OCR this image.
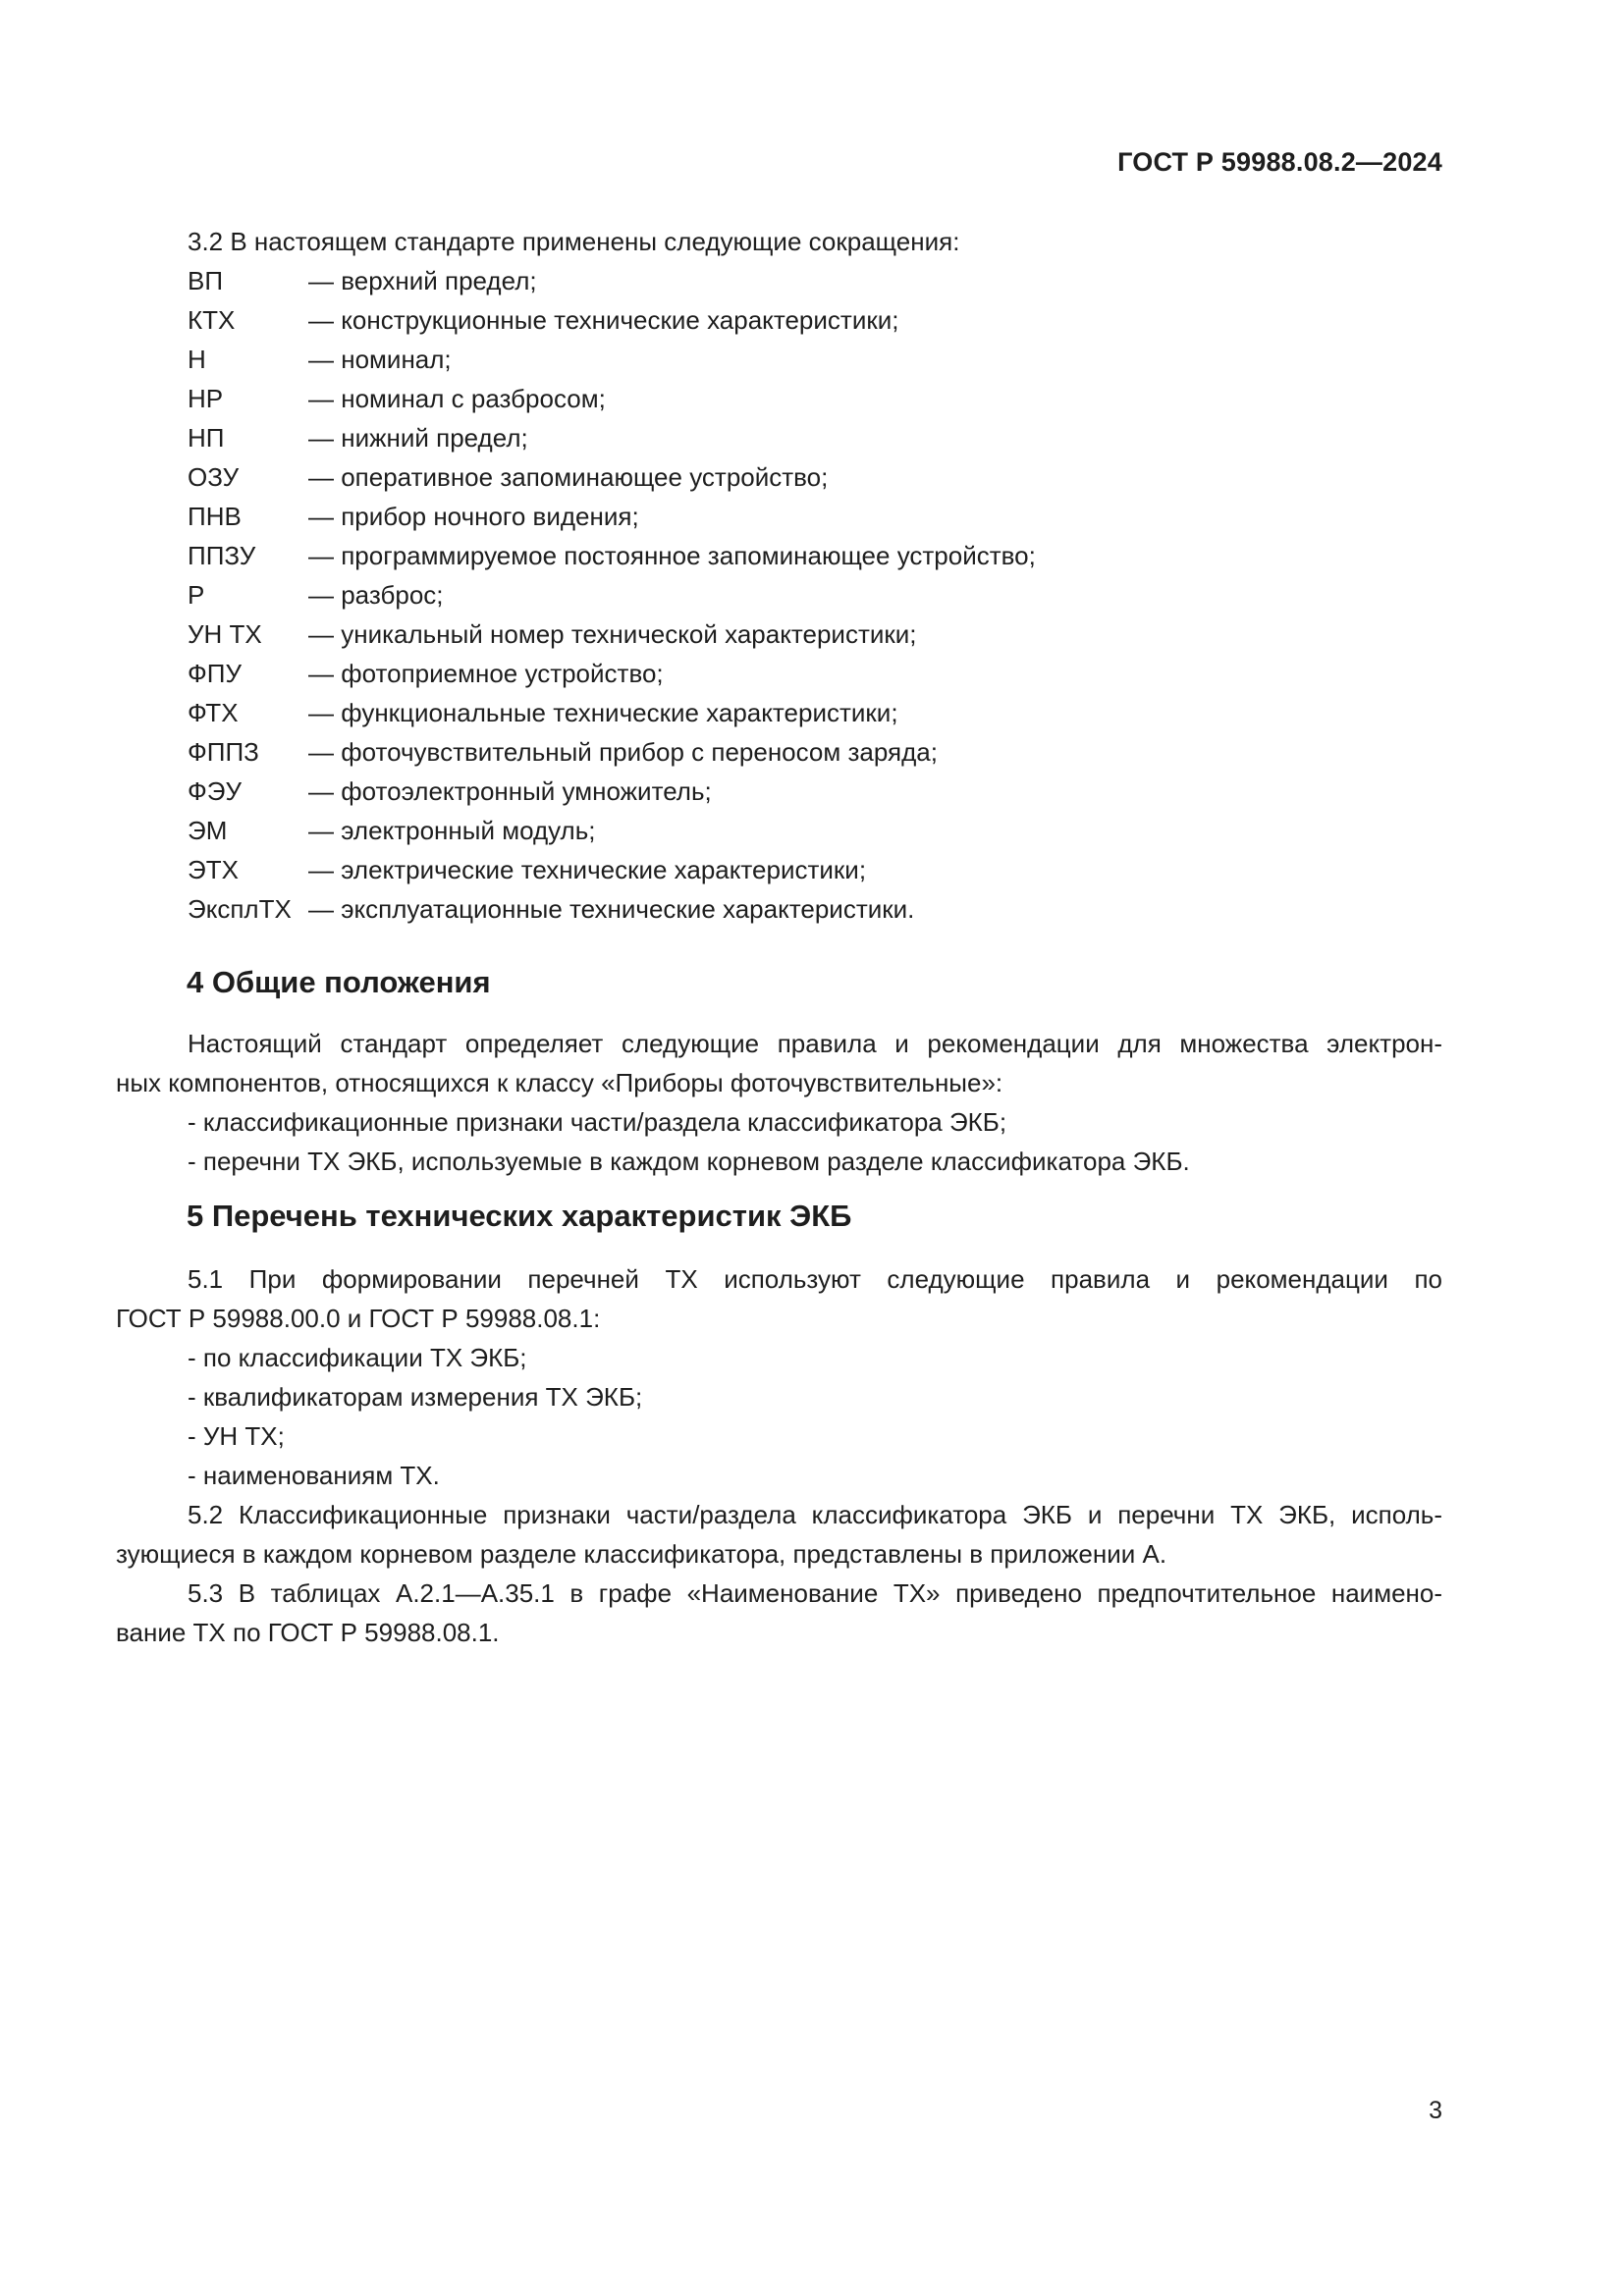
ГОСТ Р 59988.08.2—2024
3.2 В настоящем стандарте применены следующие сокращения:
ВП	— верхний предел;
КТХ	— конструкционные технические характеристики;
Н	— номинал;
НР	— номинал с разбросом;
НП	— нижний предел;
ОЗУ	— оперативное запоминающее устройство;
ПНВ	— прибор ночного видения;
ППЗУ — программируемое постоянное запоминающее устройство;
Р	— разброс;
УН ТХ — уникальный номер технической характеристики;
ФПУ	— фотоприемное устройство;
ФТХ	— функциональные технические характеристики;
ФППЗ — фоточувствительный прибор с переносом заряда;
ФЭУ	— фотоэлектронный умножитель;
ЭМ	— электронный модуль;
ЭТХ	— электрические технические характеристики;
ЭксплТХ — эксплуатационные технические характеристики.
4 Общие положения

Настоящий стандарт определяет следующие правила и рекомендации для множества электрон-

ных компонентов, относящихся к классу «Приборы фоточувствительные»:

- классификационные признаки части/раздела классификатора ЭКБ;

- перечни ТХ ЭКБ, используемые в каждом корневом разделе классификатора ЭКБ.

5 Перечень технических характеристик ЭКБ

5.1 При формировании перечней ТХ используют следующие правила и рекомендации по

ГОСТ Р 59988.00.0 и ГОСТ Р 59988.08.1:

- по классификации ТХ ЭКБ;

- квалификаторам измерения ТХ ЭКБ;

- УН ТХ;

- наименованиям ТХ.

5.2 Классификационные признаки части/раздела классификатора ЭКБ и перечни ТХ ЭКБ, исполь-

зующиеся в каждом корневом разделе классификатора, представлены в приложении А.

5.3 В таблицах А.2.1—А.35.1 в графе «Наименование ТХ» приведено предпочтительное наимено-

вание ТХ по ГОСТ Р 59988.08.1.

3
